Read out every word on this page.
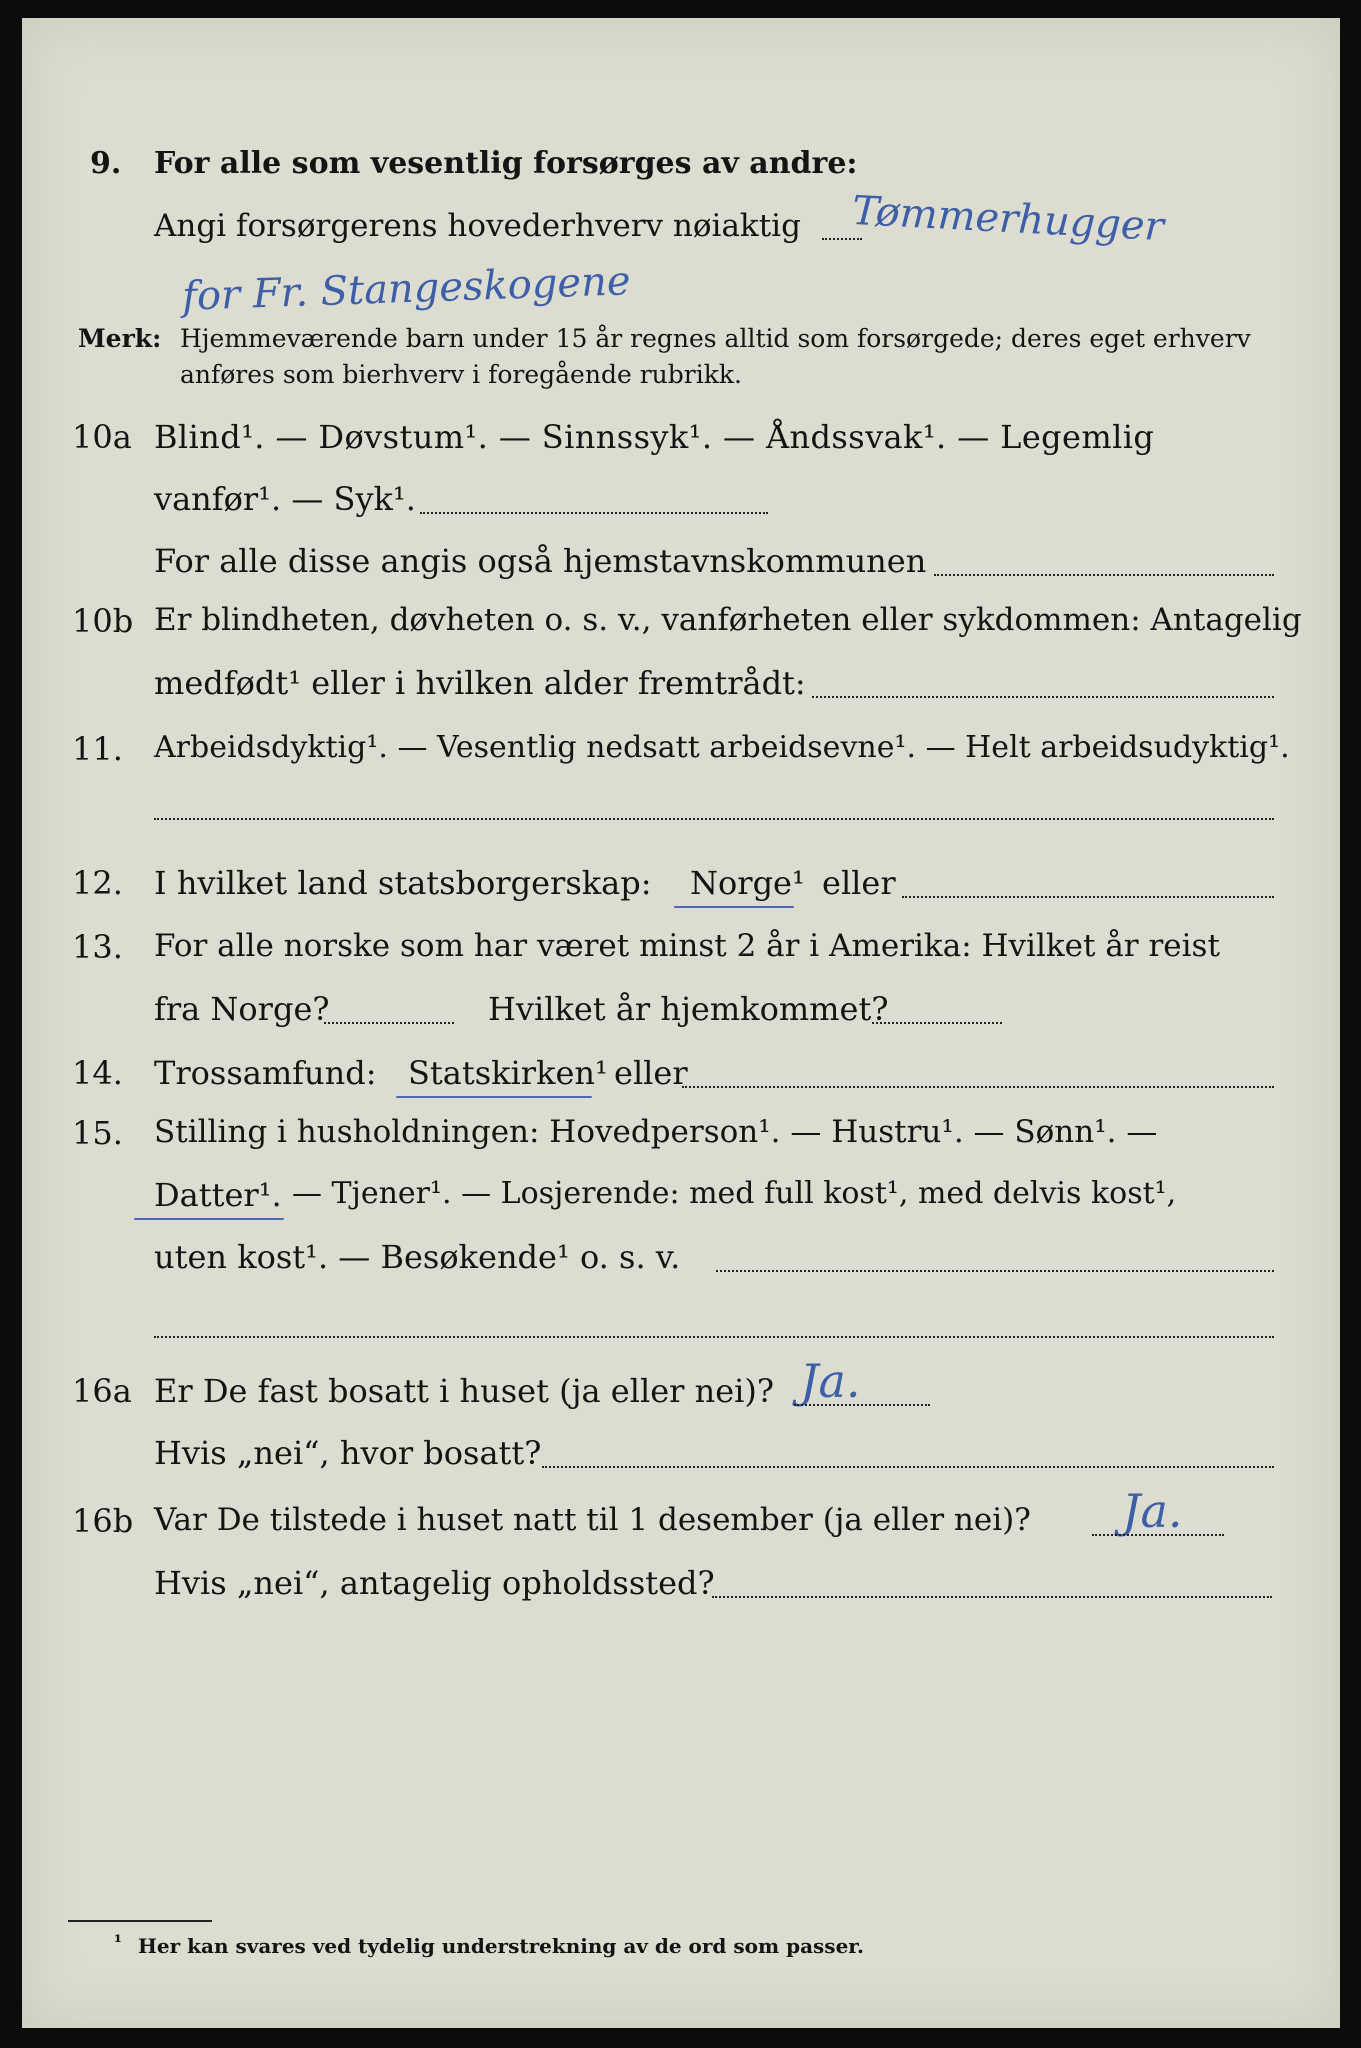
9. For alle som vesentlig forsørges av andre:
Angi forsørgerens hovederhverv nøiaktig Tømmerhugger
for Fr. Stangeskogene
Merk: Hjemmeværende barn under 15 år regnes alltid som forsørgede; deres eget erhverv
anføres som bierhverv i foregående rubrikk.
10a Blind¹. — Døvstum¹. — Sinnssyk¹. — Åndssvak¹. — Legemlig
vanfør¹. — Syk¹.
For alle disse angis også hjemstavnskommunen
10b Er blindheten, døvheten o. s. v., vanførheten eller sykdommen: Antagelig
medfødt¹ eller i hvilken alder fremtrådt:
11. Arbeidsdyktig¹. — Vesentlig nedsatt arbeidsevne¹. — Helt arbeidsudyktig¹.
12. I hvilket land statsborgerskap: Norge¹ eller
13. For alle norske som har været minst 2 år i Amerika: Hvilket år reist
fra Norge?	Hvilket år hjemkommet?
14. Trossamfund: Statskirken¹ eller
15. Stilling i husholdningen: Hovedperson¹. — Hustru¹. — Sønn¹. —
Datter¹. — Tjener¹. — Losjerende: med full kost¹, med delvis kost¹,
uten kost¹. — Besøkende¹ o. s. v.
16a Er De fast bosatt i huset (ja eller nei)? Ja.
Hvis „nei“, hvor bosatt?
16b Var De tilstede i huset natt til 1 desember (ja eller nei)? Ja.
Hvis „nei“, antagelig opholdssted?
¹ Her kan svares ved tydelig understrekning av de ord som passer.
